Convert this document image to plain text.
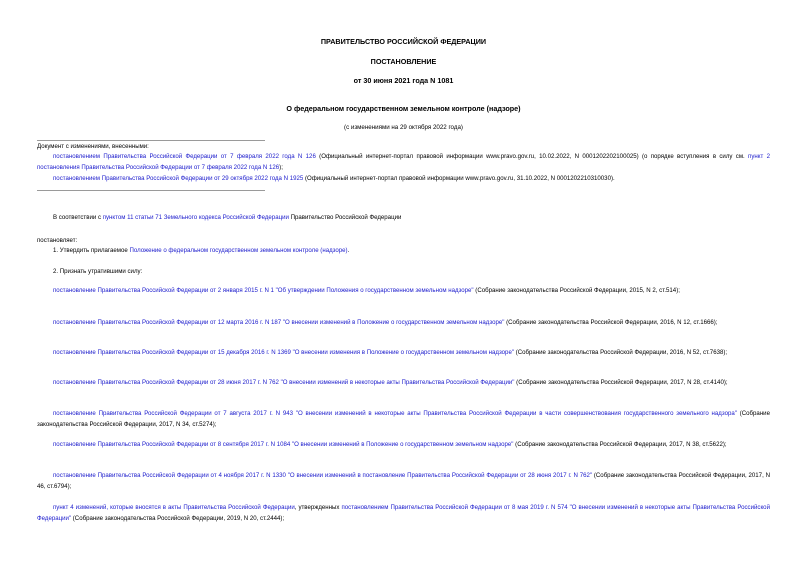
ПРАВИТЕЛЬСТВО РОССИЙСКОЙ ФЕДЕРАЦИИ
ПОСТАНОВЛЕНИЕ
от 30 июня 2021 года N 1081
О федеральном государственном земельном контроле (надзоре)
(с изменениями на 29 октября 2022 года)
Документ с изменениями, внесенными:
постановлением Правительства Российской Федерации от 7 февраля 2022 года N 126 (Официальный интернет-портал правовой информации www.pravo.gov.ru, 10.02.2022, N 0001202202100025) (о порядке вступления в силу см. пункт 2 постановления Правительства Российской Федерации от 7 февраля 2022 года N 126);
постановлением Правительства Российской Федерации от 29 октября 2022 года N 1925 (Официальный интернет-портал правовой информации www.pravo.gov.ru, 31.10.2022, N 0001202210310030).
В соответствии с пунктом 11 статьи 71 Земельного кодекса Российской Федерации Правительство Российской Федерации
постановляет:
1. Утвердить прилагаемое Положение о федеральном государственном земельном контроле (надзоре).
2. Признать утратившими силу:
постановление Правительства Российской Федерации от 2 января 2015 г. N 1 "Об утверждении Положения о государственном земельном надзоре" (Собрание законодательства Российской Федерации, 2015, N 2, ст.514);
постановление Правительства Российской Федерации от 12 марта 2016 г. N 187 "О внесении изменений в Положение о государственном земельном надзоре" (Собрание законодательства Российской Федерации, 2016, N 12, ст.1666);
постановление Правительства Российской Федерации от 15 декабря 2016 г. N 1369 "О внесении изменения в Положение о государственном земельном надзоре" (Собрание законодательства Российской Федерации, 2016, N 52, ст.7638);
постановление Правительства Российской Федерации от 28 июня 2017 г. N 762 "О внесении изменений в некоторые акты Правительства Российской Федерации" (Собрание законодательства Российской Федерации, 2017, N 28, ст.4140);
постановление Правительства Российской Федерации от 7 августа 2017 г. N 943 "О внесении изменений в некоторые акты Правительства Российской Федерации в части совершенствования государственного земельного надзора" (Собрание законодательства Российской Федерации, 2017, N 34, ст.5274);
постановление Правительства Российской Федерации от 8 сентября 2017 г. N 1084 "О внесении изменений в Положение о государственном земельном надзоре" (Собрание законодательства Российской Федерации, 2017, N 38, ст.5622);
постановление Правительства Российской Федерации от 4 ноября 2017 г. N 1330 "О внесении изменений в постановление Правительства Российской Федерации от 28 июня 2017 г. N 762" (Собрание законодательства Российской Федерации, 2017, N 46, ст.6794);
пункт 4 изменений, которые вносятся в акты Правительства Российской Федерации, утвержденных постановлением Правительства Российской Федерации от 8 мая 2019 г. N 574 "О внесении изменений в некоторые акты Правительства Российской Федерации" (Собрание законодательства Российской Федерации, 2019, N 20, ст.2444);
